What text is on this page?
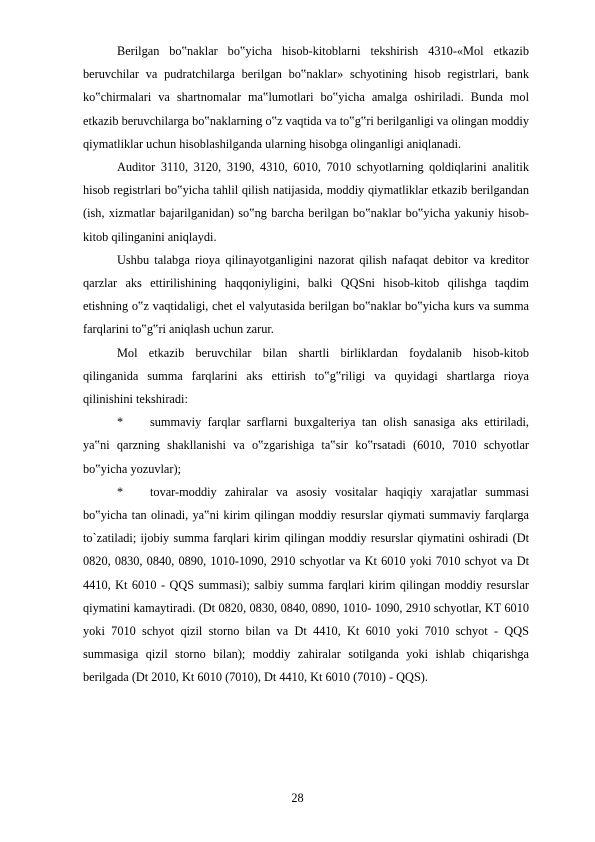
Berilgan bo‟naklar bo‟yicha hisob-kitoblarni tekshirish 4310-«Mol etkazib beruvchilar va pudratchilarga berilgan bo‟naklar» schyotining hisob registrlari, bank ko‟chirmalari va shartnomalar ma‟lumotlari bo‟yicha amalga oshiriladi. Bunda mol etkazib beruvchilarga bo‟naklarning o‟z vaqtida va to‟g‟ri berilganligi va olingan moddiy qiymatliklar uchun hisoblashilganda ularning hisobga olinganligi aniqlanadi.

Auditor 3110, 3120, 3190, 4310, 6010, 7010 schyotlarning qoldiqlarini analitik hisob registrlari bo‟yicha tahlil qilish natijasida, moddiy qiymatliklar etkazib berilgandan (ish, xizmatlar bajarilganidan) so‟ng barcha berilgan bo‟naklar bo‟yicha yakuniy hisob-kitob qilinganini aniqlaydi.

Ushbu talabga rioya qilinayotganligini nazorat qilish nafaqat debitor va kreditor qarzlar aks ettirilishining haqqoniyligini, balki QQSni hisob-kitob qilishga taqdim etishning o‟z vaqtidaligi, chet el valyutasida berilgan bo‟naklar bo‟yicha kurs va summa farqlarini to‟g‟ri aniqlash uchun zarur.

Mol etkazib beruvchilar bilan shartli birliklardan foydalanib hisob-kitob qilinganida summa farqlarini aks ettirish to‟g‟riligi va quyidagi shartlarga rioya qilinishini tekshiradi:

* summaviy farqlar sarflarni buxgalteriya tan olish sanasiga aks ettiriladi, ya‟ni qarzning shakllanishi va o‟zgarishiga ta‟sir ko‟rsatadi (6010, 7010 schyotlar bo‟yicha yozuvlar);

* tovar-moddiy zahiralar va asosiy vositalar haqiqiy xarajatlar summasi bo‟yicha tan olinadi, ya‟ni kirim qilingan moddiy resurslar qiymati summaviy farqlarga to`zatiladi; ijobiy summa farqlari kirim qilingan moddiy resurslar qiymatini oshiradi (Dt 0820, 0830, 0840, 0890, 1010-1090, 2910 schyotlar va Kt 6010 yoki 7010 schyot va Dt 4410, Kt 6010 - QQS summasi); salbiy summa farqlari kirim qilingan moddiy resurslar qiymatini kamaytiradi. (Dt 0820, 0830, 0840, 0890, 1010- 1090, 2910 schyotlar, KT 6010 yoki 7010 schyot qizil storno bilan va Dt 4410, Kt 6010 yoki 7010 schyot - QQS summasiga qizil storno bilan); moddiy zahiralar sotilganda yoki ishlab chiqarishga berilgada (Dt 2010, Kt 6010 (7010), Dt 4410, Kt 6010 (7010) - QQS).

28
